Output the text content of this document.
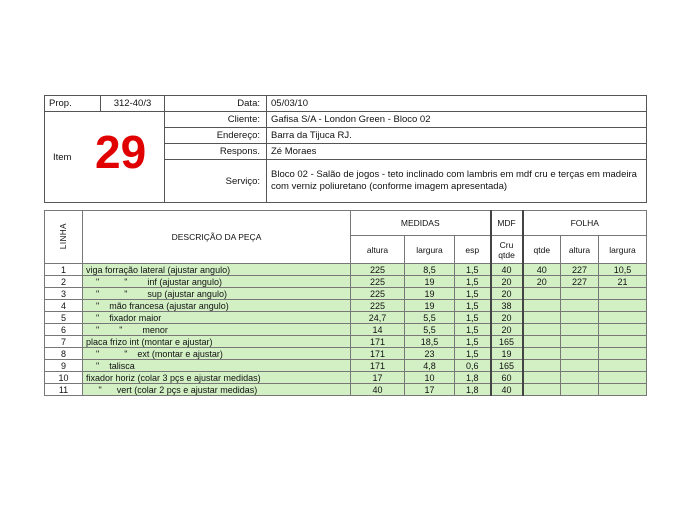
Prop.	312-40/3	Data:	05/03/10

Item 29		Cliente:	Gafisa S/A - London Green - Bloco 02
		Endereço:	Barra da Tijuca RJ.
		Respons.	Zé Moraes
		Serviço:	Bloco 02 - Salão de jogos - teto inclinado com lambris em mdf cru e terças em madeira com verniz poliuretano (conforme imagem apresentada)
LINHA	DESCRIÇÃO DA PEÇA	MEDIDAS			MDF	FOLHA		
		altura	largura	esp	Cru qtde	qtde	altura	largura
1	viga forração lateral (ajustar angulo)	225	8,5	1,5	40	40	227	10,5
2	"          "        inf (ajustar angulo)	225	19	1,5	20	20	227	21
3	"          "        sup (ajustar angulo)	225	19	1,5	20			
4	"    mão francesa (ajustar angulo)	225	19	1,5	38			
5	"    fixador maior	24,7	5,5	1,5	20			
6	"        "        menor	14	5,5	1,5	20			
7	placa frizo int (montar e ajustar)	171	18,5	1,5	165			
8	"          "    ext (montar e ajustar)	171	23	1,5	19			
9	"    talisca	171	4,8	0,6	165			
10	fixador horiz (colar 3 pçs e ajustar medidas)	17	10	1,8	60			
11	"      vert (colar 2 pçs e ajustar medidas)	40	17	1,8	40			
